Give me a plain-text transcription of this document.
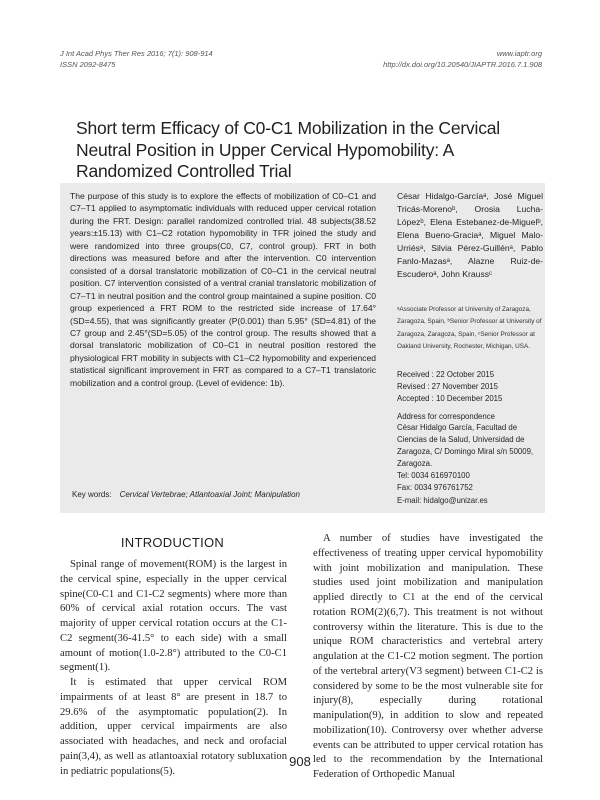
J Int Acad Phys Ther Res 2016; 7(1): 908-914
ISSN 2092-8475
www.iaptr.org
http://dx.doi.org/10.20540/JIAPTR.2016.7.1.908
Short term Efficacy of C0-C1 Mobilization in the Cervical Neutral Position in Upper Cervical Hypomobility: A Randomized Controlled Trial
The purpose of this study is to explore the effects of mobilization of C0–C1 and C7–T1 applied to asymptomatic individuals with reduced upper cervical rotation during the FRT. Design: parallel randomized controlled trial. 48 subjects(38.52 years:±15.13) with C1–C2 rotation hypomobility in TFR joined the study and were randomized into three groups(C0, C7, control group). FRT in both directions was measured before and after the intervention. C0 intervention consisted of a dorsal translatoric mobilization of C0–C1 in the cervical neutral position. C7 intervention consisted of a ventral cranial translatoric mobilization of C7–T1 in neutral position and the control group maintained a supine position. C0 group experienced a FRT ROM to the restricted side increase of 17.64°(SD=4.55), that was significantly greater (P(0.001) than 5.95° (SD=4.81) of the C7 group and 2.45°(SD=5.05) of the control group. The results showed that a dorsal translatoric mobilization of C0–C1 in neutral position restored the physiological FRT mobility in subjects with C1–C2 hypomobility and experienced statistical significant improvement in FRT as compared to a C7–T1 translatoric mobilization and a control group. (Level of evidence: 1b).
César Hidalgo-Garcíaᵃ, José Miguel Tricás-Morenoᵇ, Orosia Lucha-Lópezᵇ, Elena Estebanez-de-Miguelᵇ, Elena Bueno-Graciaᵃ, Miguel Malo-Urriésᵃ, Silvia Pérez-Guillénᵃ, Pablo Fanlo-Mazasᵃ, Alazne Ruiz-de-Escuderoᵃ, John Kraussᶜ
ᵃAssociate Professor at University of Zaragoza, Zaragoza, Spain, ᵇSenior Professor at University of Zaragoza, Zaragoza, Spain, ᶜSenior Professor at Oakland University, Rochester, Michigan, USA.
Received : 22 October 2015
Revised : 27 November 2015
Accepted : 10 December 2015
Address for correspondence
César Hidalgo García, Facultad de
Ciencias de la Salud, Universidad de
Zaragoza, C/ Domingo Miral s/n 50009,
Zaragoza.
Tel: 0034 616970100
Fax: 0034 976761752
E-mail: hidalgo@unizar.es
Key words: Cervical Vertebrae; Atlantoaxial Joint; Manipulation
INTRODUCTION

Spinal range of movement(ROM) is the largest in the cervical spine, especially in the upper cervical spine(C0-C1 and C1-C2 segments) where more than 60% of cervical axial rotation occurs. The vast majority of upper cervical rotation occurs at the C1-C2 segment(36-41.5° to each side) with a small amount of motion(1.0-2.8°) attributed to the C0-C1 segment(1).

It is estimated that upper cervical ROM impairments of at least 8° are present in 18.7 to 29.6% of the asymptomatic population(2). In addition, upper cervical impairments are also associated with headaches, and neck and orofacial pain(3,4), as well as atlantoaxial rotatory subluxation in pediatric populations(5).

A number of studies have investigated the effectiveness of treating upper cervical hypomobility with joint mobilization and manipulation. These studies used joint mobilization and manipulation applied directly to C1 at the end of the cervical rotation ROM(2)(6,7). This treatment is not without controversy within the literature. This is due to the unique ROM characteristics and vertebral artery angulation at the C1-C2 motion segment. The portion of the vertebral artery(V3 segment) between C1-C2 is considered by some to be the most vulnerable site for injury(8), especially during rotational manipulation(9), in addition to slow and repeated mobilization(10). Controversy over whether adverse events can be attributed to upper cervical rotation has led to the recommendation by the International Federation of Orthopedic Manual

908
